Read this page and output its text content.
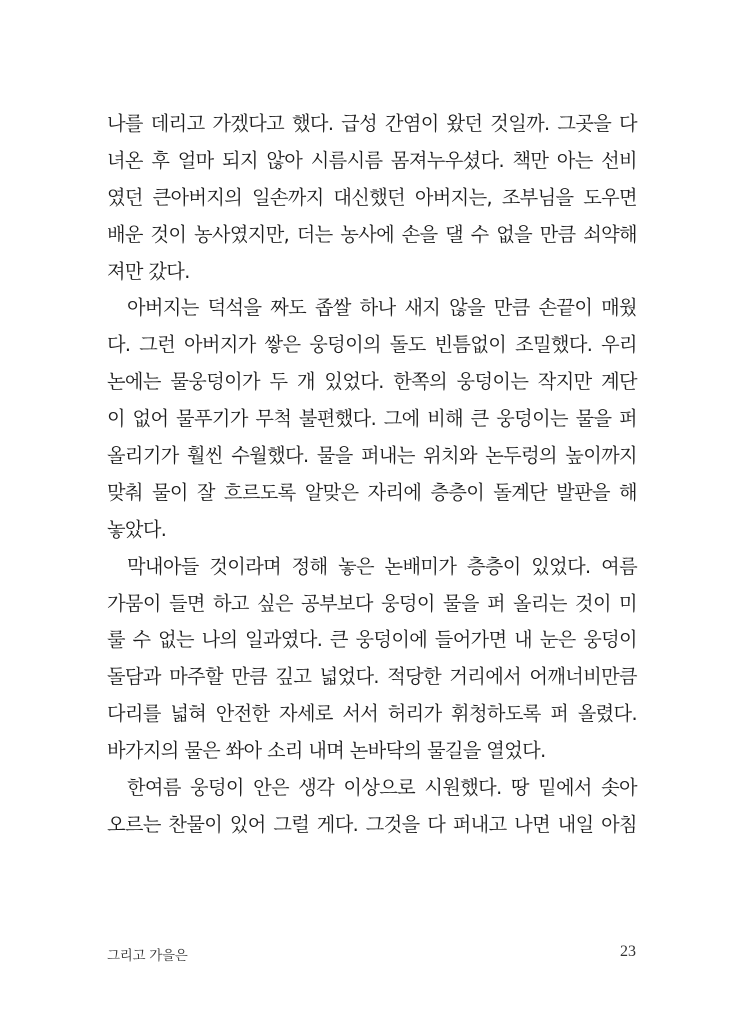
나를 데리고 가겠다고 했다. 급성 간염이 왔던 것일까. 그곳을 다
녀온 후 얼마 되지 않아 시름시름 몸져누우셨다. 책만 아는 선비
였던 큰아버지의 일손까지 대신했던 아버지는, 조부님을 도우면
배운 것이 농사였지만, 더는 농사에 손을 댈 수 없을 만큼 쇠약해
져만 갔다.
아버지는 덕석을 짜도 좁쌀 하나 새지 않을 만큼 손끝이 매웠
다. 그런 아버지가 쌓은 웅덩이의 돌도 빈틈없이 조밀했다. 우리
논에는 물웅덩이가 두 개 있었다. 한쪽의 웅덩이는 작지만 계단
이 없어 물푸기가 무척 불편했다. 그에 비해 큰 웅덩이는 물을 퍼
올리기가 훨씬 수월했다. 물을 퍼내는 위치와 논두렁의 높이까지
맞춰 물이 잘 흐르도록 알맞은 자리에 층층이 돌계단 발판을 해
놓았다.
막내아들 것이라며 정해 놓은 논배미가 층층이 있었다. 여름
가뭄이 들면 하고 싶은 공부보다 웅덩이 물을 퍼 올리는 것이 미
룰 수 없는 나의 일과였다. 큰 웅덩이에 들어가면 내 눈은 웅덩이
돌담과 마주할 만큼 깊고 넓었다. 적당한 거리에서 어깨너비만큼
다리를 넓혀 안전한 자세로 서서 허리가 휘청하도록 퍼 올렸다.
바가지의 물은 쏴아 소리 내며 논바닥의 물길을 열었다.
한여름 웅덩이 안은 생각 이상으로 시원했다. 땅 밑에서 솟아
오르는 찬물이 있어 그럴 게다. 그것을 다 퍼내고 나면 내일 아침
그리고 가을은	23
